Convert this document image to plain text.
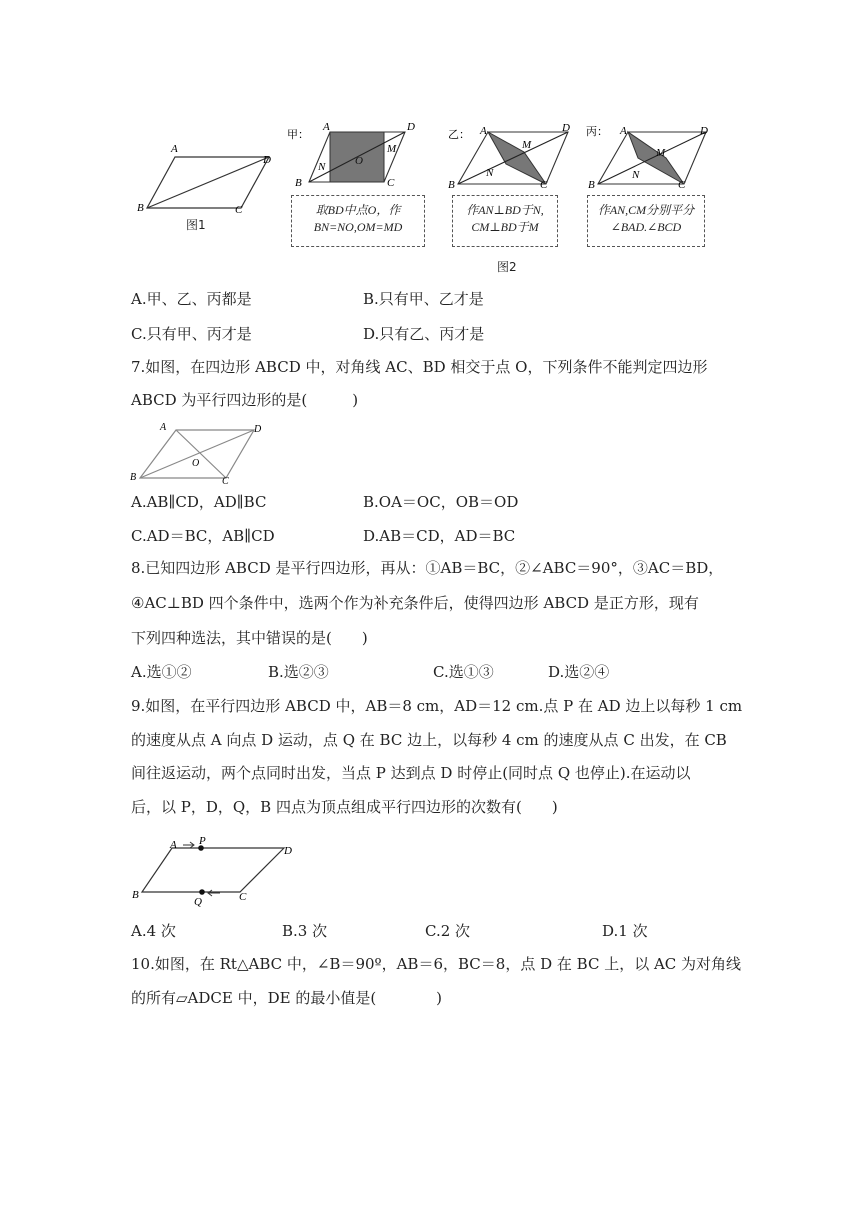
A
D
B	C
图1
甲：
A	D
B	C
M
N	O
取BD中点O，作
BN=NO,OM=MD
乙： A	D
B	C
M
N
作AN⊥BD于N,
CM⊥BD于M
丙： A	D
B	C
M
N
作AN,CM分别平分
∠BAD.∠BCD
图2
A.甲、乙、丙都是	B.只有甲、乙才是
C.只有甲、丙才是	D.只有乙、丙才是
7.如图，在四边形 ABCD 中，对角线 AC、BD 相交于点 O，下列条件不能判定四边形
ABCD 为平行四边形的是(　　　)
A	D
B	C
O
A.AB∥CD，AD∥BC	B.OA＝OC，OB＝OD
C.AD＝BC，AB∥CD	D.AB＝CD，AD＝BC
8.已知四边形 ABCD 是平行四边形，再从：①AB＝BC，②∠ABC＝90°，③AC＝BD，
④AC⊥BD 四个条件中，选两个作为补充条件后，使得四边形 ABCD 是正方形，现有
下列四种选法，其中错误的是(　　)
A.选①②	B.选②③	C.选①③	D.选②④
9.如图，在平行四边形 ABCD 中，AB＝8 cm，AD＝12 cm.点 P 在 AD 边上以每秒 1 cm
的速度从点 A 向点 D 运动，点 Q 在 BC 边上，以每秒 4 cm 的速度从点 C 出发，在 CB
间往返运动，两个点同时出发，当点 P 达到点 D 时停止(同时点 Q 也停止).在运动以
后，以 P，D，Q，B 四点为顶点组成平行四边形的次数有(　　)
A P
D
B	C
Q
A.4 次	B.3 次	C.2 次	D.1 次
10.如图，在 Rt△ABC 中，∠B＝90º，AB＝6，BC＝8，点 D 在 BC 上，以 AC 为对角线
的所有▱ADCE 中，DE 的最小值是(　　　　)
